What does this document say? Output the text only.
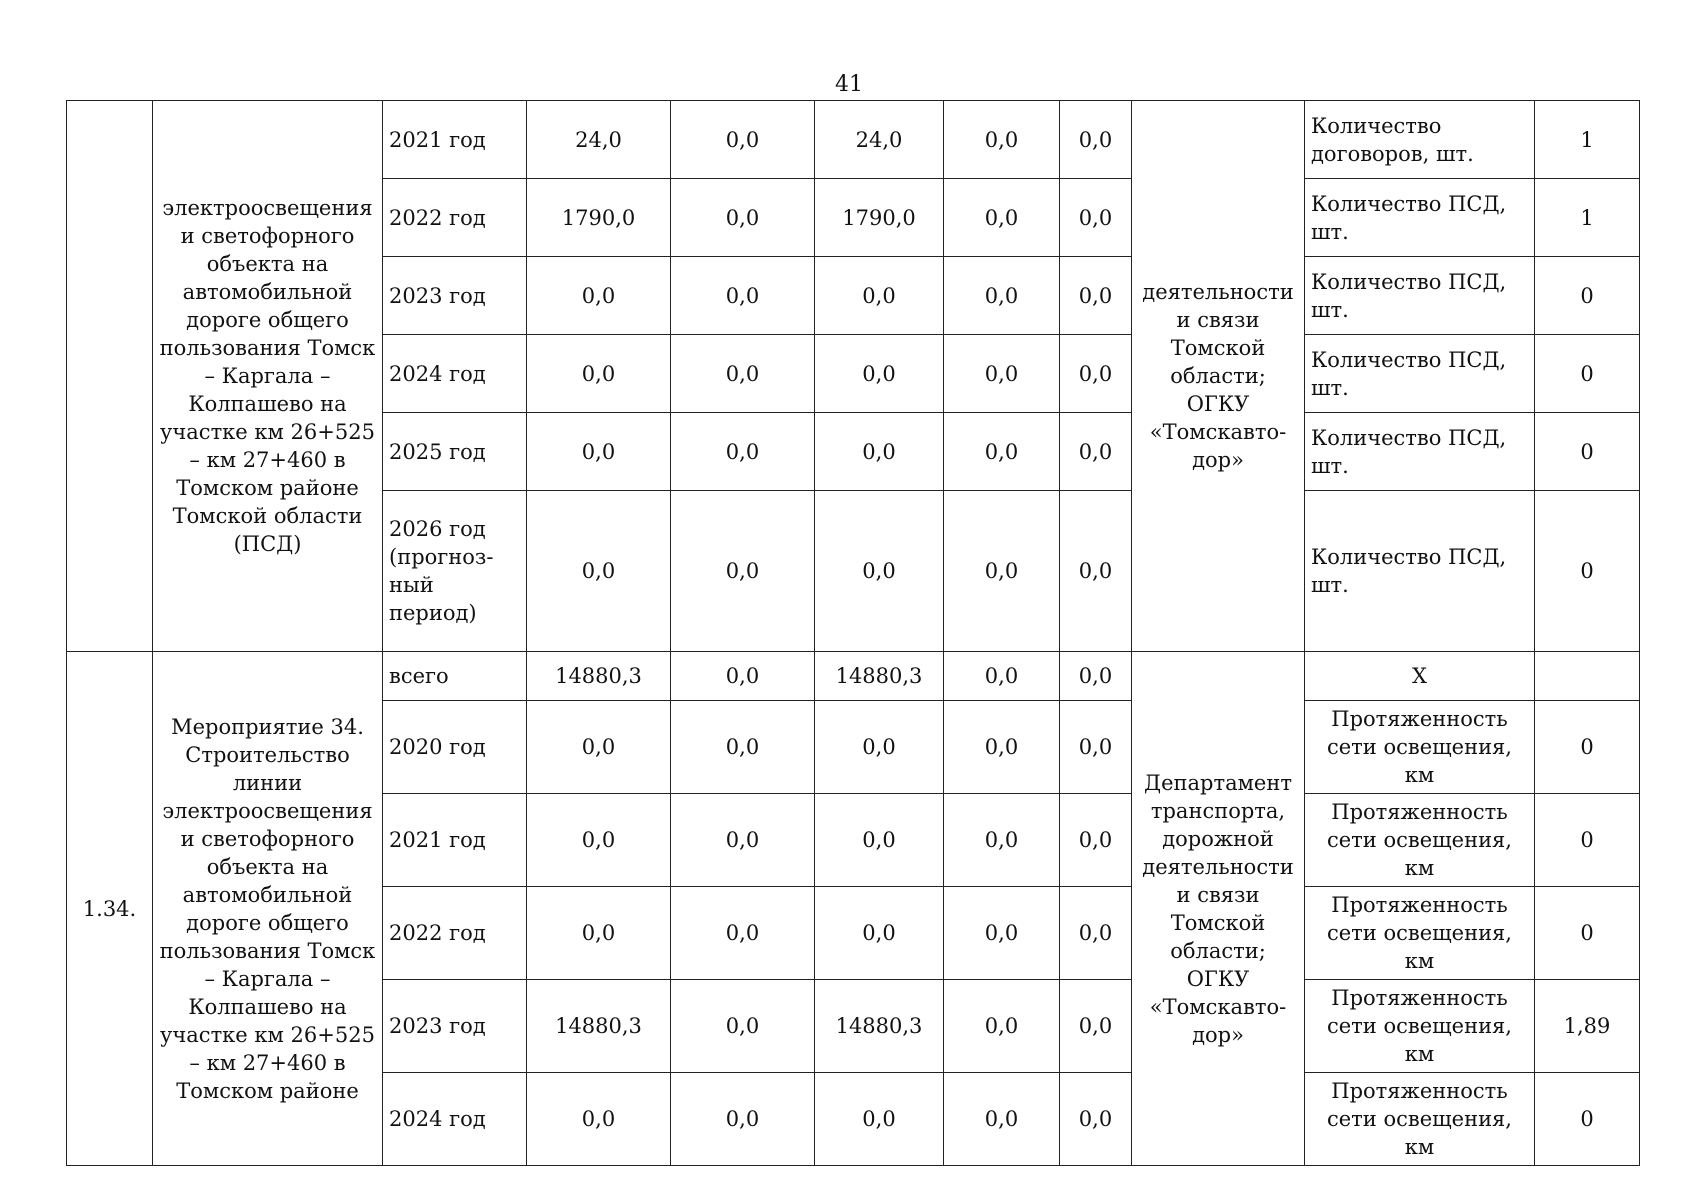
41
	электроосвещения и светофорного объекта на автомобильной дороге общего пользования Томск – Каргала – Колпашево на участке км 26+525 – км 27+460 в Томском районе Томской области (ПСД)	2021 год	24,0	0,0	24,0	0,0	0,0	деятельности и связи Томской области; ОГКУ «Томскавто-дор»	Количество договоров, шт.	1
		2022 год	1790,0	0,0	1790,0	0,0	0,0		Количество ПСД, шт.	1
		2023 год	0,0	0,0	0,0	0,0	0,0		Количество ПСД, шт.	0
		2024 год	0,0	0,0	0,0	0,0	0,0		Количество ПСД, шт.	0
		2025 год	0,0	0,0	0,0	0,0	0,0		Количество ПСД, шт.	0
		2026 год (прогноз-ный период)	0,0	0,0	0,0	0,0	0,0		Количество ПСД, шт.	0
1.34.	Мероприятие 34. Строительство линии электроосвещения и светофорного объекта на автомобильной дороге общего пользования Томск – Каргала – Колпашево на участке км 26+525 – км 27+460 в Томском районе	всего	14880,3	0,0	14880,3	0,0	0,0	Департамент транспорта, дорожной деятельности и связи Томской области; ОГКУ «Томскавто-дор»	Х	
		2020 год	0,0	0,0	0,0	0,0	0,0		Протяженность сети освещения, км	0
		2021 год	0,0	0,0	0,0	0,0	0,0		Протяженность сети освещения, км	0
		2022 год	0,0	0,0	0,0	0,0	0,0		Протяженность сети освещения, км	0
		2023 год	14880,3	0,0	14880,3	0,0	0,0		Протяженность сети освещения, км	1,89
		2024 год	0,0	0,0	0,0	0,0	0,0		Протяженность сети освещения, км	0
